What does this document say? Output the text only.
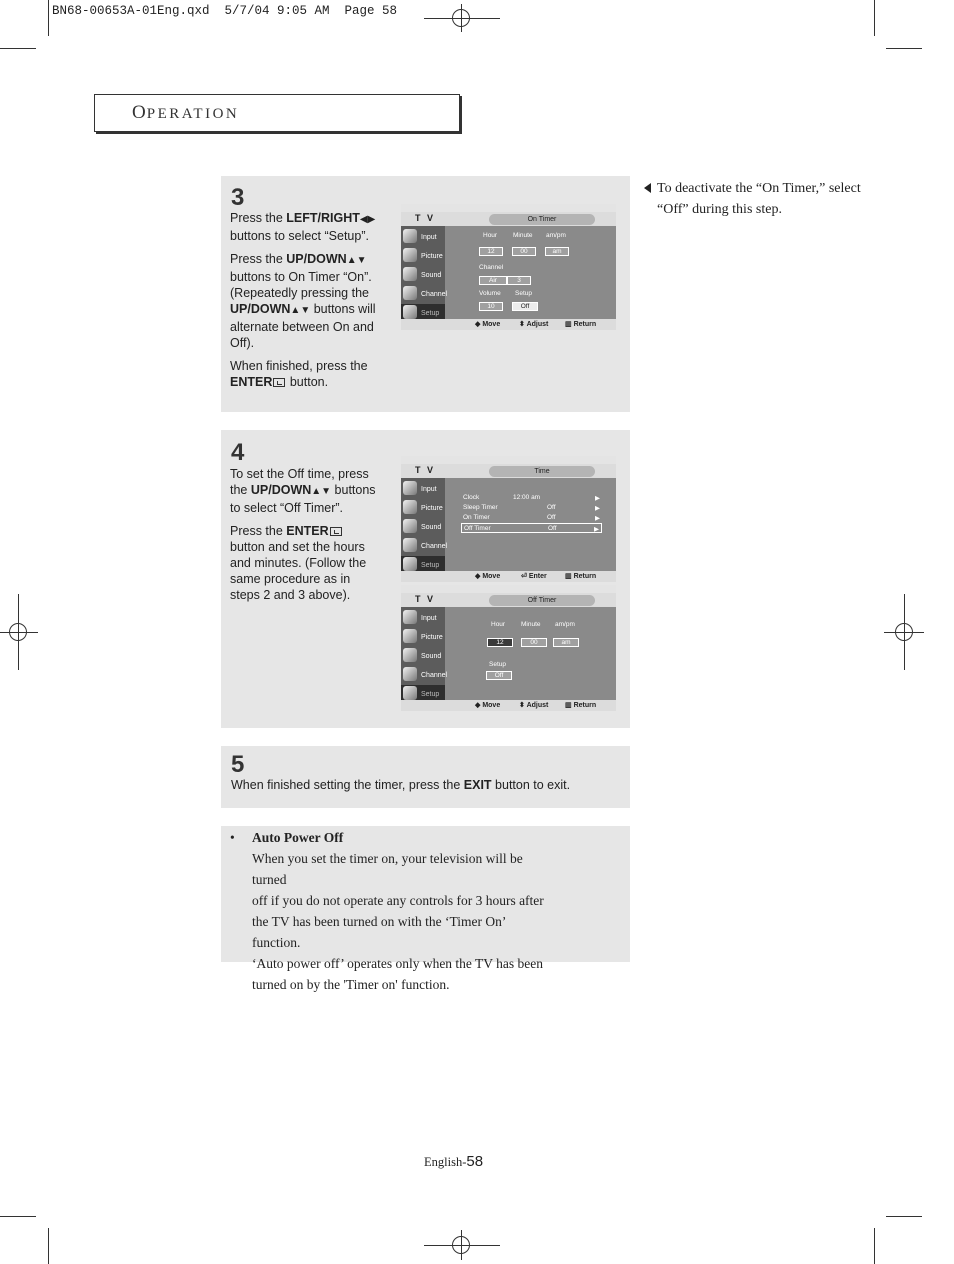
BN68-00653A-01Eng.qxd  5/7/04 9:05 AM  Page 58
OPERATION
3

Press the LEFT/RIGHT◀▶ buttons to select “Setup”.

Press the UP/DOWN▲▼ buttons to On Timer “On”. (Repeatedly pressing the UP/DOWN▲▼ buttons will alternate between On and Off).

When finished, press the ENTER button.

T V	On Timer
Input
Picture
Sound
Channel
Setup
Hour Minute am/pm
12	00	am
Channel
Air	3
Volume Setup
10	Off
◆ Move	⬍ Adjust ▥ Return
To deactivate the “On Timer,” select “Off” during this step.
4

To set the Off time, press the UP/DOWN▲▼ buttons to select “Off Timer”.

Press the ENTER button and set the hours and minutes. (Follow the same procedure as in steps 2 and 3 above).

T V	Time
Input
Picture
Sound
Channel
Setup
Clock	12:00 am	▶
Sleep Timer	Off	▶
On Timer	Off	▶
Off Timer	Off	▶
◆ Move	⏎ Enter	▥ Return
T V	Off Timer
Input
Picture
Sound
Channel
Setup
Hour Minute am/pm
12	00	am
Setup
Off
◆ Move	⬍ Adjust ▥ Return
5
When finished setting the timer, press the EXIT button to exit.
• Auto Power Off
When you set the timer on, your television will be turned
off if you do not operate any controls for 3 hours after
the TV has been turned on with the ‘Timer On’ function.
‘Auto power off’ operates only when the TV has been
turned on by the 'Timer on' function.
English-58
